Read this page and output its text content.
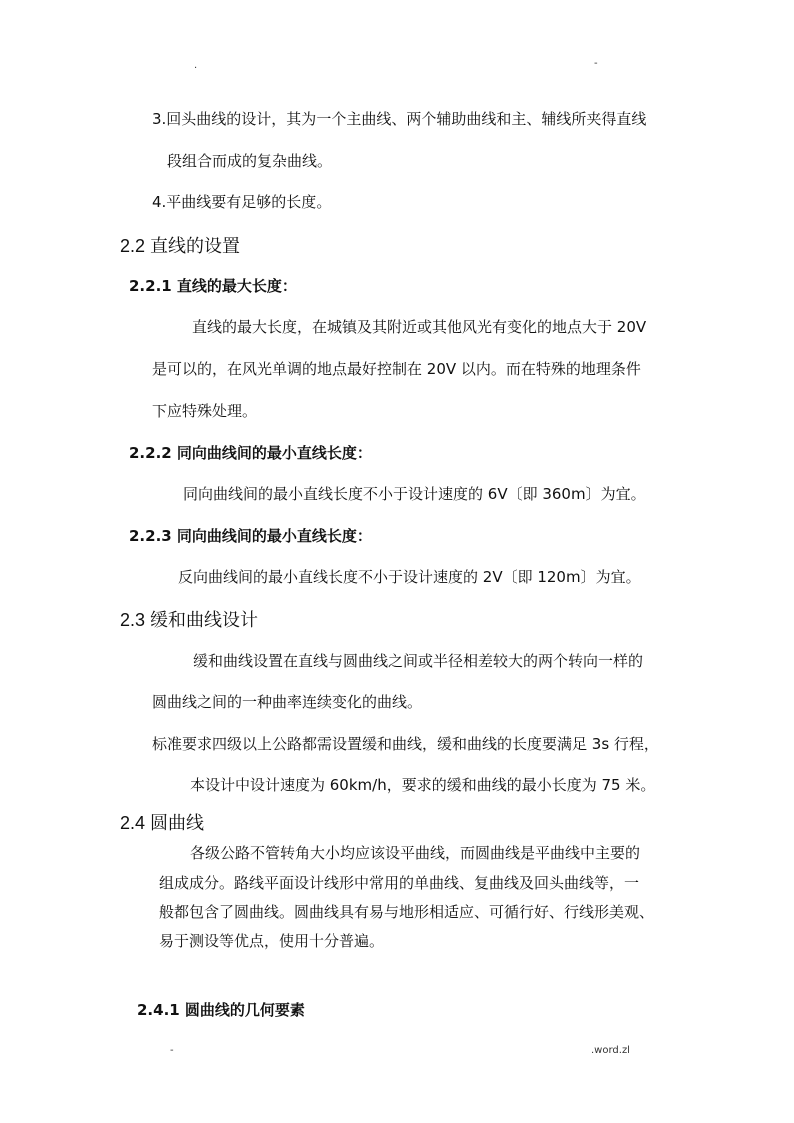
.	-
3.回头曲线的设计，其为一个主曲线、两个辅助曲线和主、辅线所夹得直线
段组合而成的复杂曲线。
4.平曲线要有足够的长度。
2.2 直线的设置
2.2.1 直线的最大长度：
直线的最大长度，在城镇及其附近或其他风光有变化的地点大于 20V
是可以的，在风光单调的地点最好控制在 20V 以内。而在特殊的地理条件
下应特殊处理。
2.2.2 同向曲线间的最小直线长度：
同向曲线间的最小直线长度不小于设计速度的 6V〔即 360m〕为宜。
2.2.3 同向曲线间的最小直线长度：
反向曲线间的最小直线长度不小于设计速度的 2V〔即 120m〕为宜。
2.3 缓和曲线设计
缓和曲线设置在直线与圆曲线之间或半径相差较大的两个转向一样的
圆曲线之间的一种曲率连续变化的曲线。
标准要求四级以上公路都需设置缓和曲线，缓和曲线的长度要满足 3s 行程，
本设计中设计速度为 60km/h，要求的缓和曲线的最小长度为 75 米。
2.4 圆曲线
各级公路不管转角大小均应该设平曲线，而圆曲线是平曲线中主要的
组成成分。路线平面设计线形中常用的单曲线、复曲线及回头曲线等，一
般都包含了圆曲线。圆曲线具有易与地形相适应、可循行好、行线形美观、
易于测设等优点，使用十分普遍。
2.4.1 圆曲线的几何要素
-	.word.zl
